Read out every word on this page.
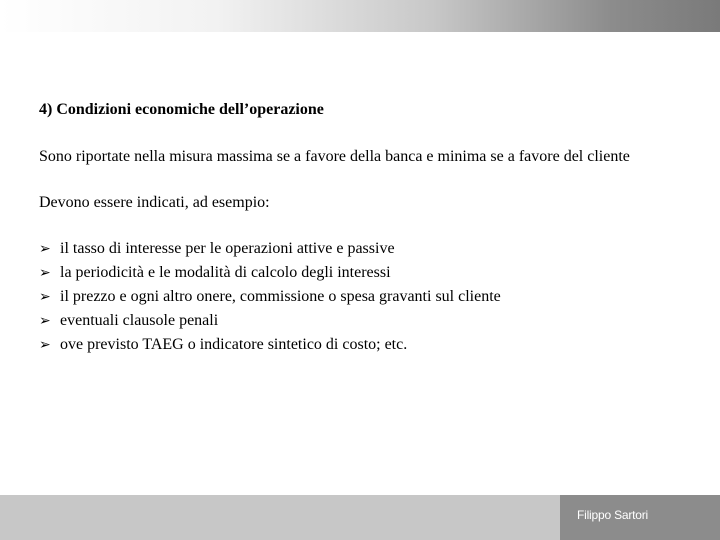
4) Condizioni economiche dell’operazione

Sono riportate nella misura massima se a favore della banca e minima se a favore del cliente

Devono essere indicati, ad esempio:

➢ il tasso di interesse per le operazioni attive e passive
➢ la periodicità e le modalità di calcolo degli interessi
➢ il prezzo e ogni altro onere, commissione o spesa gravanti sul cliente
➢ eventuali clausole penali
➢ ove previsto TAEG o indicatore sintetico di costo; etc.
Filippo Sartori
